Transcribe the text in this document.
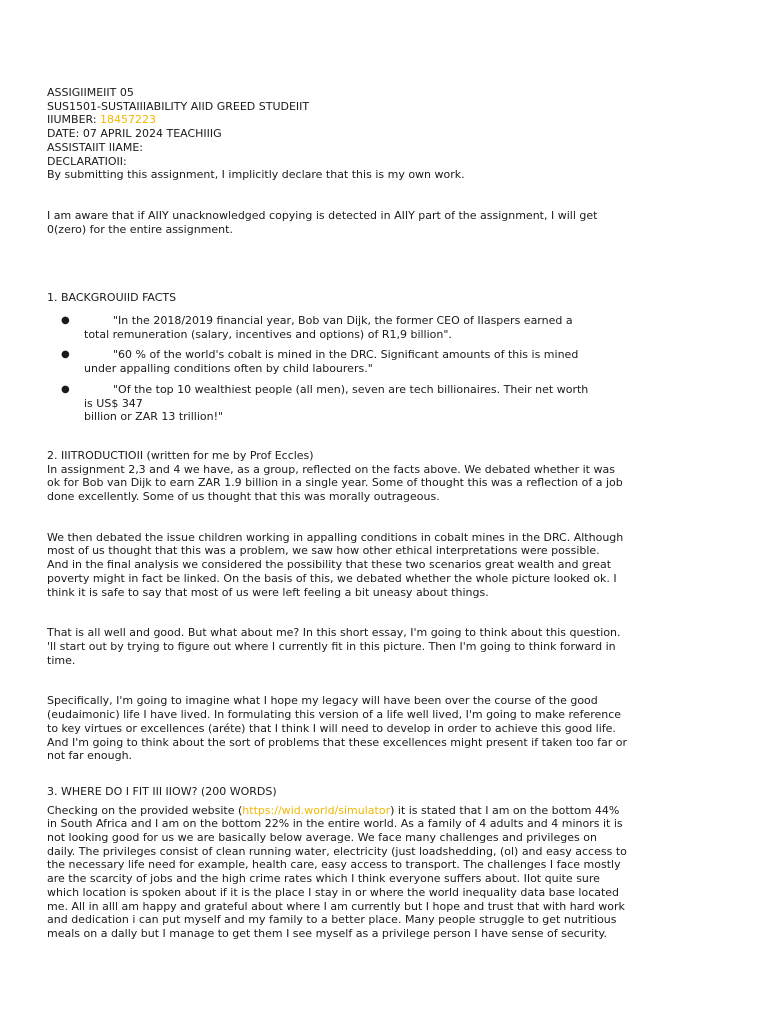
ASSIGIIMEIIT 05
SUS1501-SUSTAIIIABILITY AIID GREED STUDEIIT
IIUMBER: 18457223
DATE: 07 APRIL 2024 TEACHIIIG
ASSISTAIIT IIAME:
DECLARATIOII:

By submitting this assignment, I implicitly declare that this is my own work.

I am aware that if AIIY unacknowledged copying is detected in AIIY part of the assignment, I will get 0(zero) for the entire assignment.

1. BACKGROUIID FACTS
●	"In the 2018/2019 financial year, Bob van Dijk, the former CEO of IIaspers earned a
total remuneration (salary, incentives and options) of R1,9 billion".
●	"60 % of the world's cobalt is mined in the DRC. Significant amounts of this is mined
under appalling conditions often by child labourers."
●	"Of the top 10 wealthiest people (all men), seven are tech billionaires. Their net worth
is US$ 347
billion or ZAR 13 trillion!"
2. IIITRODUCTIOII (written for me by Prof Eccles)

In assignment 2,3 and 4 we have, as a group, reflected on the facts above. We debated whether it was ok for Bob van Dijk to earn ZAR 1.9 billion in a single year. Some of thought this was a reflection of a job done excellently. Some of us thought that this was morally outrageous.

We then debated the issue children working in appalling conditions in cobalt mines in the DRC. Although most of us thought that this was a problem, we saw how other ethical interpretations were possible.

And in the final analysis we considered the possibility that these two scenarios great wealth and great poverty might in fact be linked. On the basis of this, we debated whether the whole picture looked ok. I think it is safe to say that most of us were left feeling a bit uneasy about things.

That is all well and good. But what about me? In this short essay, I'm going to think about this question. 'll start out by trying to figure out where I currently fit in this picture. Then I'm going to think forward in time.

Specifically, I'm going to imagine what I hope my legacy will have been over the course of the good (eudaimonic) life I have lived. In formulating this version of a life well lived, I'm going to make reference to key virtues or excellences (aréte) that I think I will need to develop in order to achieve this good life. And I'm going to think about the sort of problems that these excellences might present if taken too far or not far enough.

3. WHERE DO I FIT III IIOW? (200 WORDS)

Checking on the provided website (https://wid.world/simulator) it is stated that I am on the bottom 44% in South Africa and I am on the bottom 22% in the entire world. As a family of 4 adults and 4 minors it is not looking good for us we are basically below average. We face many challenges and privileges on daily. The privileges consist of clean running water, electricity (just loadshedding, (ol) and easy access to the necessary life need for example, health care, easy access to transport. The challenges I face mostly are the scarcity of jobs and the high crime rates which I think everyone suffers about. IIot quite sure which location is spoken about if it is the place I stay in or where the world inequality data base located me. All in alll am happy and grateful about where I am currently but I hope and trust that with hard work and dedication i can put myself and my family to a better place. Many people struggle to get nutritious meals on a dally but I manage to get them I see myself as a privilege person I have sense of security.
